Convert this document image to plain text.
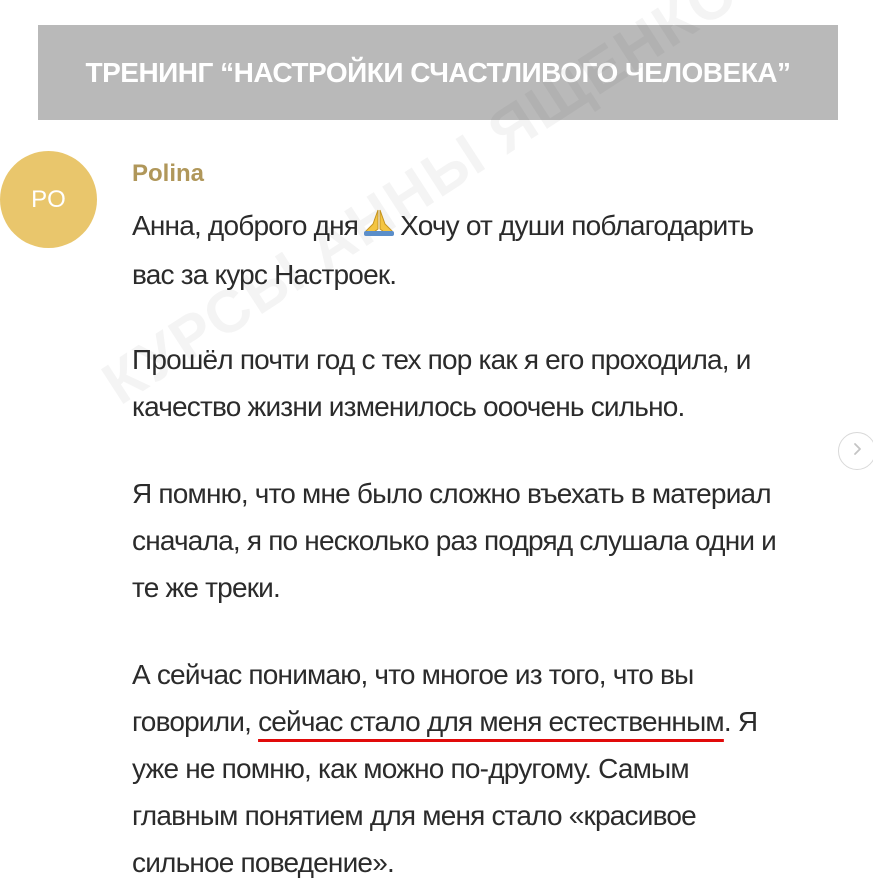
ТРЕНИНГ “НАСТРОЙКИ СЧАСТЛИВОГО ЧЕЛОВЕКА”
PO
Polina

Анна, доброго дня Хочу от души поблагодарить
вас за курс Настроек.

Прошёл почти год с тех пор как я его проходила, и
качество жизни изменилось ооочень сильно.

Я помню, что мне было сложно въехать в материал
сначала, я по несколько раз подряд слушала одни и
те же треки.

А сейчас понимаю, что многое из того, что вы
говорили, сейчас стало для меня естественным. Я
уже не помню, как можно по-другому. Самым
главным понятием для меня стало «красивое
сильное поведение».
